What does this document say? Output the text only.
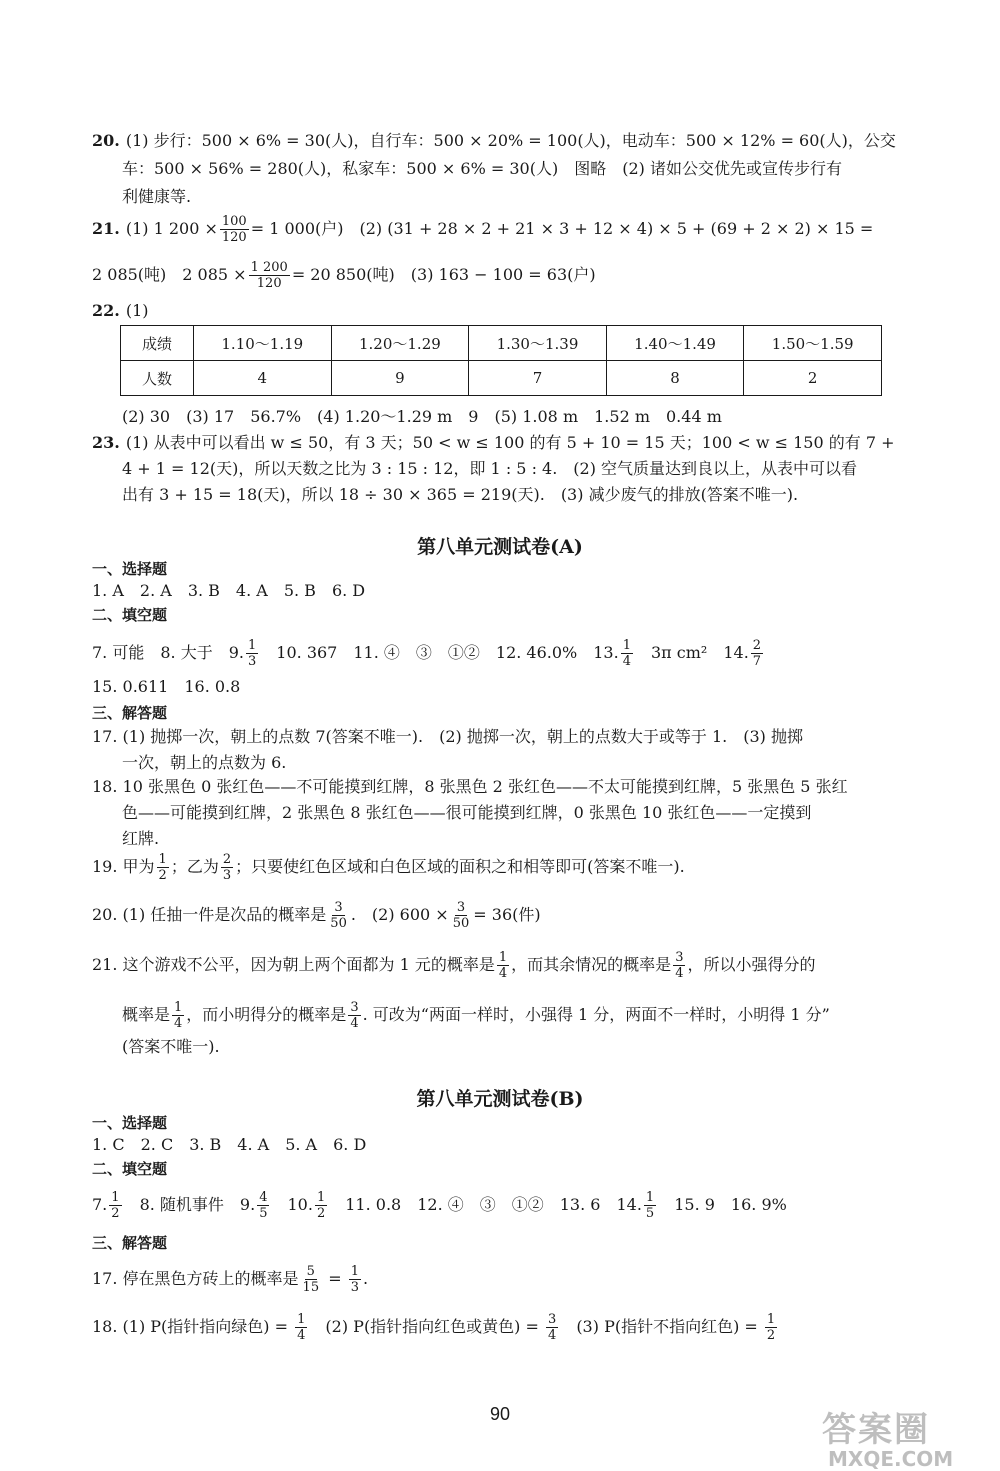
20. (1) 步行：500 × 6% = 30(人)，自行车：500 × 20% = 100(人)，电动车：500 × 12% = 60(人)，公交
车：500 × 56% = 280(人)，私家车：500 × 6% = 30(人)　图略　(2) 诸如公交优先或宣传步行有
利健康等.
21. (1) 1 $200 \times \frac{100}{120} = 1$ 000(户)　(2) (31 + 28 × 2 + 21 × 3 + 12 × 4) × 5 + (69 + 2 × 2) × 15 =
2 085(吨)　2 $085 \times \frac{1 200}{120} = 20$ 850(吨)　(3) 163 − 100 = 63(户)
22. (1)
成绩	1.10～1.19	1.20～1.29	1.30～1.39	1.40～1.49	1.50～1.59
人数	4	9	7	8	2
(2) 30　(3) 17　56.7%　(4) 1.20～1.29 m　9　(5) 1.08 m　1.52 m　0.44 m
23. (1) 从表中可以看出 w ≤ 50，有 3 天；50 < w ≤ 100 的有 5 + 10 = 15 天；100 < w ≤ 150 的有 7 +
4 + 1 = 12(天)，所以天数之比为 3 : 15 : 12，即 1 : 5 : 4.　(2) 空气质量达到良以上，从表中可以看
出有 3 + 15 = 18(天)，所以 18 ÷ 30 × 365 = 219(天).　(3) 减少废气的排放(答案不唯一).
第八单元测试卷(A)
一、选择题
1. A　2. A　3. B　4. A　5. B　6. D
二、填空题
7. 可能　8. 大于　9. $\frac{1}{3}$
　 10. 367　11. ④　③　①②　12. 46.0%　13. $\frac{1}{4}$
　 3π cm²　14. $\frac{2}{7}$
15. 0.611　16. 0.8
三、解答题
17. (1) 抛掷一次，朝上的点数 7(答案不唯一).　(2) 抛掷一次，朝上的点数大于或等于 1.　(3) 抛掷
一次，朝上的点数为 6.
18. 10 张黑色 0 张红色——不可能摸到红牌，8 张黑色 2 张红色——不太可能摸到红牌，5 张黑色 5 张红
色——可能摸到红牌，2 张黑色 8 张红色——很可能摸到红牌，0 张黑色 10 张红色——一定摸到
红牌.
19. 甲为 $\frac{1}{2}$ ；乙为 $\frac{2}{3}$ ；只要使红色区域和白色区域的面积之和相等即可(答案不唯一).
20. (1) 任抽一件是次品的概率是 $\frac{3}{50}$ .　(2) $600 \times \frac{3}{50} = 36$(件)
21. 这个游戏不公平，因为朝上两个面都为 1 元的概率是 $\frac{1}{4}$ ，而其余情况的概率是 $\frac{3}{4}$ ，所以小强得分的
概率是 $\frac{1}{4}$ ，而小明得分的概率是 $\frac{3}{4}$ . 可改为“两面一样时，小强得 1 分，两面不一样时，小明得 1 分”
(答案不唯一).
第八单元测试卷(B)
一、选择题
1. C　2. C　3. B　4. A　5. A　6. D
二、填空题
7. $\frac{1}{2}$
　 8. 随机事件　9. $\frac{4}{5}$
　 10. $\frac{1}{2}$
　 11. 0.8　12. ④　③　①②　13. 6　14. $\frac{1}{5}$
　 15. 9　16. 9%
三、解答题
17. 停在黑色方砖上的概率是 $\frac{5}{15} = \frac{1}{3}$ .
18. (1) P(指针指向绿色) = $\frac{1}{4}$
　 (2) P(指针指向红色或黄色) = $\frac{3}{4}$
　 (3) P(指针不指向红色) = $\frac{1}{2}$
90	答案圈
MXQE.COM
